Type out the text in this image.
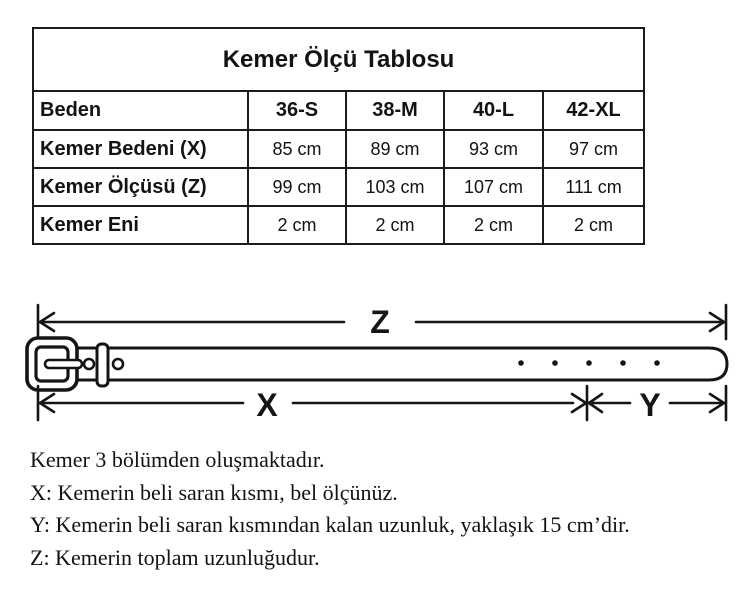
Kemer Ölçü Tablosu				
Beden	36-S	38-M	40-L	42-XL
Kemer Bedeni (X)	85 cm	89 cm	93 cm	97 cm
Kemer Ölçüsü (Z)	99 cm	103 cm	107 cm	111 cm
Kemer Eni	2 cm	2 cm	2 cm	2 cm
Z
X	Y

Kemer 3 bölümden oluşmaktadır.

X: Kemerin beli saran kısmı, bel ölçünüz.

Y: Kemerin beli saran kısmından kalan uzunluk, yaklaşık 15 cm’dir.

Z: Kemerin toplam uzunluğudur.
